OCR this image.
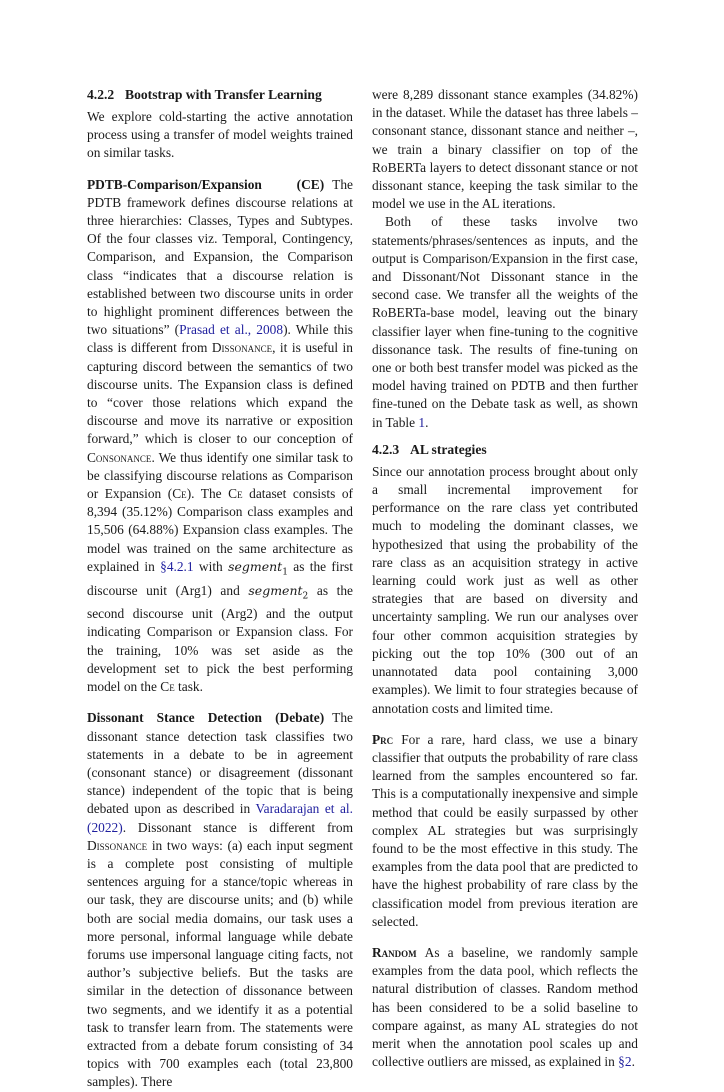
4.2.2 Bootstrap with Transfer Learning

We explore cold-starting the active annotation process using a transfer of model weights trained on similar tasks.

PDTB-Comparison/Expansion	(CE) The PDTB framework defines discourse relations at three hierarchies: Classes, Types and Subtypes. Of the four classes viz. Temporal, Contingency, Comparison, and Expansion, the Comparison class “indicates that a discourse relation is established between two discourse units in order to highlight prominent differences between the two situations” (Prasad et al., 2008). While this class is different from Dissonance, it is useful in capturing discord between the semantics of two discourse units. The Expansion class is defined to “cover those relations which expand the discourse and move its narrative or exposition forward,” which is closer to our conception of Consonance. We thus identify one similar task to be classifying discourse relations as Comparison or Expansion (Ce). The Ce dataset consists of 8,394 (35.12%) Comparison class examples and 15,506 (64.88%) Expansion class examples. The model was trained on the same architecture as explained in §4.2.1 with segment$_1$ as the first discourse unit (Arg1) and segment$_2$ as the second discourse unit (Arg2) and the output indicating Comparison or Expansion class. For the training, 10% was set aside as the development set to pick the best performing model on the Ce task.

Dissonant Stance Detection (Debate) The dissonant stance detection task classifies two statements in a debate to be in agreement (consonant stance) or disagreement (dissonant stance) independent of the topic that is being debated upon as described in Varadarajan et al. (2022). Dissonant stance is different from Dissonance in two ways: (a) each input segment is a complete post consisting of multiple sentences arguing for a stance/topic whereas in our task, they are discourse units; and (b) while both are social media domains, our task uses a more personal, informal language while debate forums use impersonal language citing facts, not author’s subjective beliefs. But the tasks are similar in the detection of dissonance between two segments, and we identify it as a potential task to transfer learn from. The statements were extracted from a debate forum consisting of 34 topics with 700 examples each (total 23,800 samples). There

were 8,289 dissonant stance examples (34.82%) in the dataset. While the dataset has three labels – consonant stance, dissonant stance and neither –, we train a binary classifier on top of the RoBERTa layers to detect dissonant stance or not dissonant stance, keeping the task similar to the model we use in the AL iterations.

Both of these tasks involve two statements/phrases/sentences as inputs, and the output is Comparison/Expansion in the first case, and Dissonant/Not Dissonant stance in the second case. We transfer all the weights of the RoBERTa-base model, leaving out the binary classifier layer when fine-tuning to the cognitive dissonance task. The results of fine-tuning on one or both best transfer model was picked as the model having trained on PDTB and then further fine-tuned on the Debate task as well, as shown in Table 1.

4.2.3 AL strategies

Since our annotation process brought about only a small incremental improvement for performance on the rare class yet contributed much to modeling the dominant classes, we hypothesized that using the probability of the rare class as an acquisition strategy in active learning could work just as well as other strategies that are based on diversity and uncertainty sampling. We run our analyses over four other common acquisition strategies by picking out the top 10% (300 out of an unannotated data pool containing 3,000 examples). We limit to four strategies because of annotation costs and limited time.

Prc For a rare, hard class, we use a binary classifier that outputs the probability of rare class learned from the samples encountered so far. This is a computationally inexpensive and simple method that could be easily surpassed by other complex AL strategies but was surprisingly found to be the most effective in this study. The examples from the data pool that are predicted to have the highest probability of rare class by the classification model from previous iteration are selected.

Random As a baseline, we randomly sample examples from the data pool, which reflects the natural distribution of classes. Random method has been considered to be a solid baseline to compare against, as many AL strategies do not merit when the annotation pool scales up and collective outliers are missed, as explained in §2.
